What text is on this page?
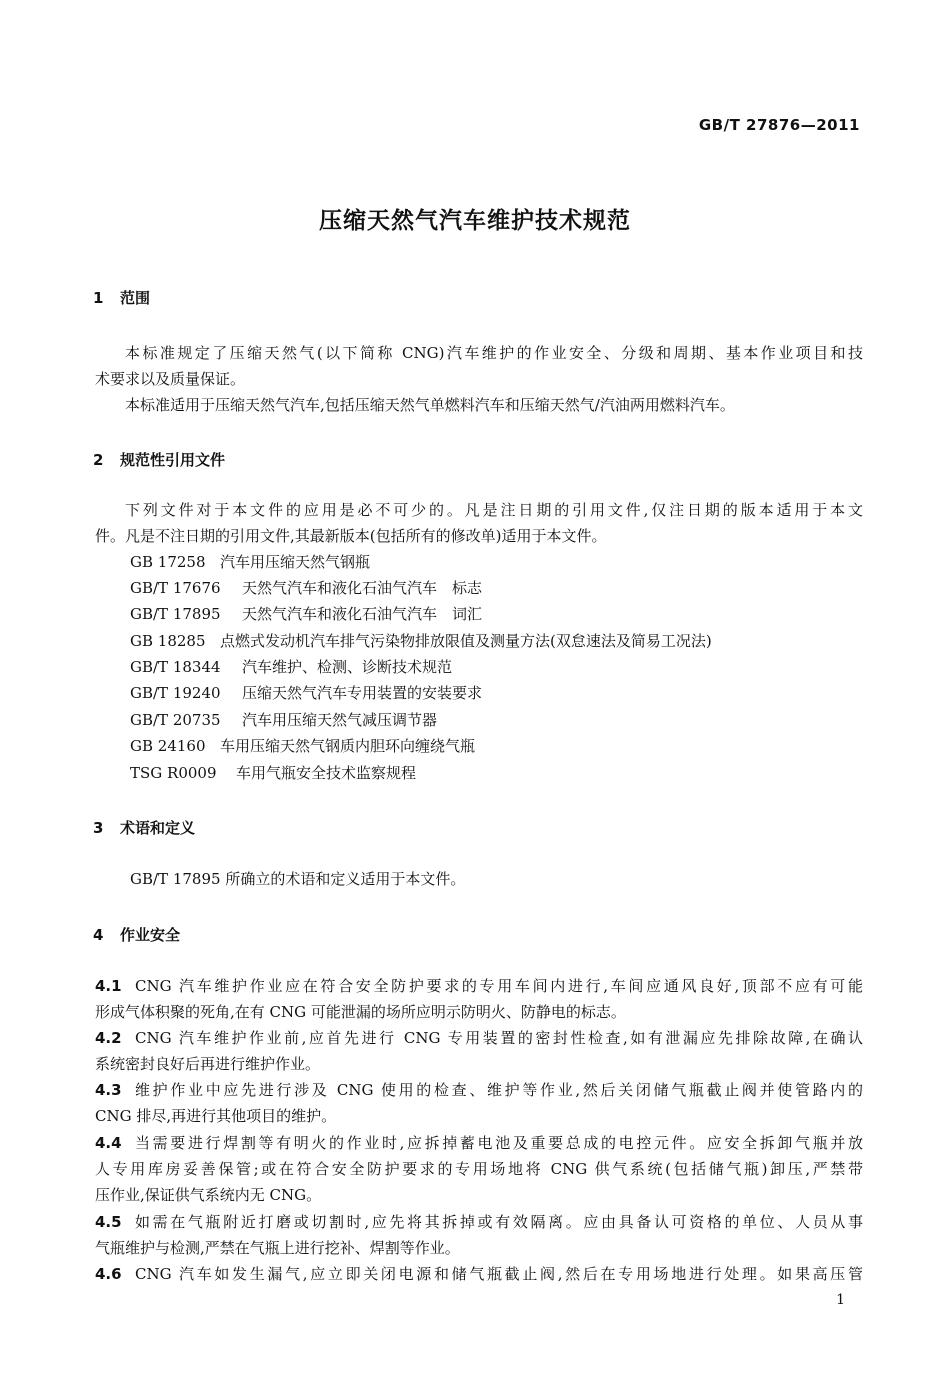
GB/T 27876—2011
压缩天然气汽车维护技术规范
1 范围
本标准规定了压缩天然气(以下简称 CNG)汽车维护的作业安全、分级和周期、基本作业项目和技
术要求以及质量保证。
本标准适用于压缩天然气汽车,包括压缩天然气单燃料汽车和压缩天然气/汽油两用燃料汽车。
2 规范性引用文件
下列文件对于本文件的应用是必不可少的。凡是注日期的引用文件,仅注日期的版本适用于本文
件。凡是不注日期的引用文件,其最新版本(包括所有的修改单)适用于本文件。
GB 17258 汽车用压缩天然气钢瓶
GB/T 17676 天然气汽车和液化石油气汽车　标志
GB/T 17895 天然气汽车和液化石油气汽车　词汇
GB 18285 点燃式发动机汽车排气污染物排放限值及测量方法(双怠速法及简易工况法)
GB/T 18344 汽车维护、检测、诊断技术规范
GB/T 19240 压缩天然气汽车专用装置的安装要求
GB/T 20735 汽车用压缩天然气减压调节器
GB 24160 车用压缩天然气钢质内胆环向缠绕气瓶
TSG R0009 车用气瓶安全技术监察规程
3 术语和定义
GB/T 17895 所确立的术语和定义适用于本文件。
4 作业安全
4.1 CNG 汽车维护作业应在符合安全防护要求的专用车间内进行,车间应通风良好,顶部不应有可能
形成气体积聚的死角,在有 CNG 可能泄漏的场所应明示防明火、防静电的标志。
4.2 CNG 汽车维护作业前,应首先进行 CNG 专用装置的密封性检查,如有泄漏应先排除故障,在确认
系统密封良好后再进行维护作业。
4.3 维护作业中应先进行涉及 CNG 使用的检查、维护等作业,然后关闭储气瓶截止阀并使管路内的
CNG 排尽,再进行其他项目的维护。
4.4 当需要进行焊割等有明火的作业时,应拆掉蓄电池及重要总成的电控元件。应安全拆卸气瓶并放
人专用库房妥善保管;或在符合安全防护要求的专用场地将 CNG 供气系统(包括储气瓶)卸压,严禁带
压作业,保证供气系统内无 CNG。
4.5 如需在气瓶附近打磨或切割时,应先将其拆掉或有效隔离。应由具备认可资格的单位、人员从事
气瓶维护与检测,严禁在气瓶上进行挖补、焊割等作业。
4.6 CNG 汽车如发生漏气,应立即关闭电源和储气瓶截止阀,然后在专用场地进行处理。如果高压管
1
